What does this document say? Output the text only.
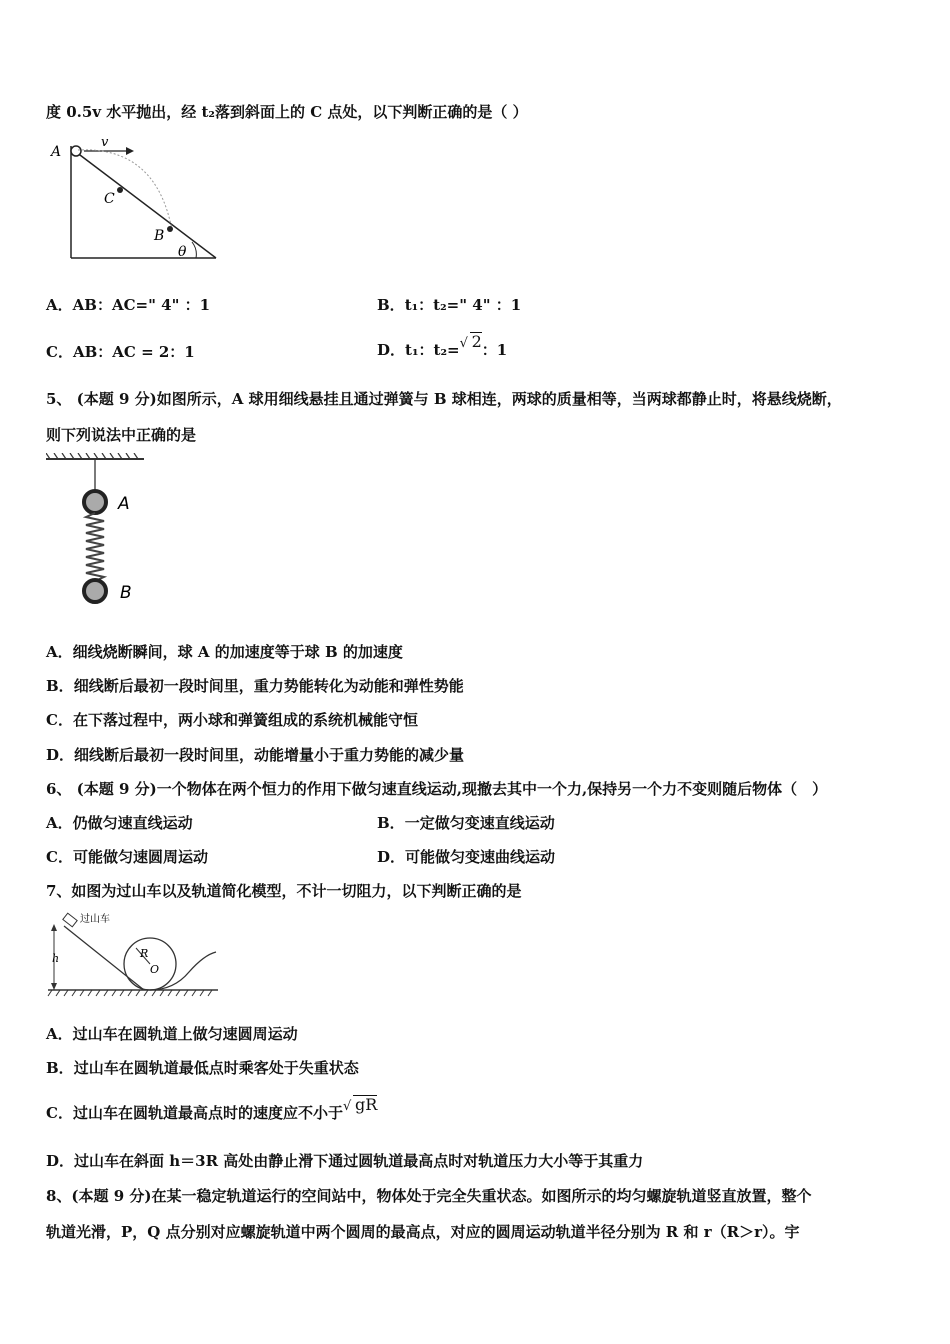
度 0.5v 水平抛出，经 t₂落到斜面上的 C 点处，以下判断正确的是（ ）
A
v
C
B
θ
A．AB：AC=" 4" ：1	B．t₁：t₂=" 4" ：1
C．AB：AC = 2：1	D．t₁：t₂= √ 2：1
5、 (本题 9 分)如图所示，A 球用细线悬挂且通过弹簧与 B 球相连，两球的质量相等，当两球都静止时，将悬线烧断，
则下列说法中正确的是
A
B
A．细线烧断瞬间，球 A 的加速度等于球 B 的加速度
B．细线断后最初一段时间里，重力势能转化为动能和弹性势能
C．在下落过程中，两小球和弹簧组成的系统机械能守恒
D．细线断后最初一段时间里，动能增量小于重力势能的减少量
6、 (本题 9 分)一个物体在两个恒力的作用下做匀速直线运动,现撤去其中一个力,保持另一个力不变则随后物体（　）
A．仍做匀速直线运动	B．一定做匀变速直线运动
C．可能做匀速圆周运动	D．可能做匀变速曲线运动
7、如图为过山车以及轨道简化模型，不计一切阻力，以下判断正确的是
过山车
R
O
h
A．过山车在圆轨道上做匀速圆周运动
B．过山车在圆轨道最低点时乘客处于失重状态
C．过山车在圆轨道最高点时的速度应不小于 √ gR
D．过山车在斜面 h＝3R 高处由静止滑下通过圆轨道最高点时对轨道压力大小等于其重力
8、(本题 9 分)在某一稳定轨道运行的空间站中，物体处于完全失重状态。如图所示的均匀螺旋轨道竖直放置，整个
轨道光滑，P，Q 点分别对应螺旋轨道中两个圆周的最高点，对应的圆周运动轨道半径分别为 R 和 r（R＞r）。宇
